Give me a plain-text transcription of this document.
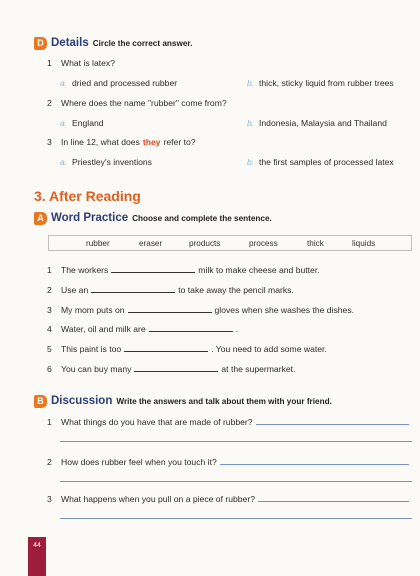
D Details Circle the correct answer.
1	What is latex?
a. dried and processed rubber	b. thick, sticky liquid from rubber trees
2	Where does the name "rubber" come from?
a. England	b. Indonesia, Malaysia and Thailand
3	In line 12, what does they refer to?
a. Priestley's inventions	b. the first samples of processed latex
3. After Reading
A Word Practice Choose and complete the sentence.
rubber	eraser	products	process	thick	liquids
1	The workers	milk to make cheese and butter.
2	Use an	to take away the pencil marks.
3	My mom puts on	gloves when she washes the dishes.
4	Water, oil and milk are	.
5	This paint is too	. You need to add some water.
6	You can buy many	at the supermarket.
B Discussion Write the answers and talk about them with your friend.
1	What things do you have that are made of rubber?
2	How does rubber feel when you touch it?
3	What happens when you pull on a piece of rubber?
44
